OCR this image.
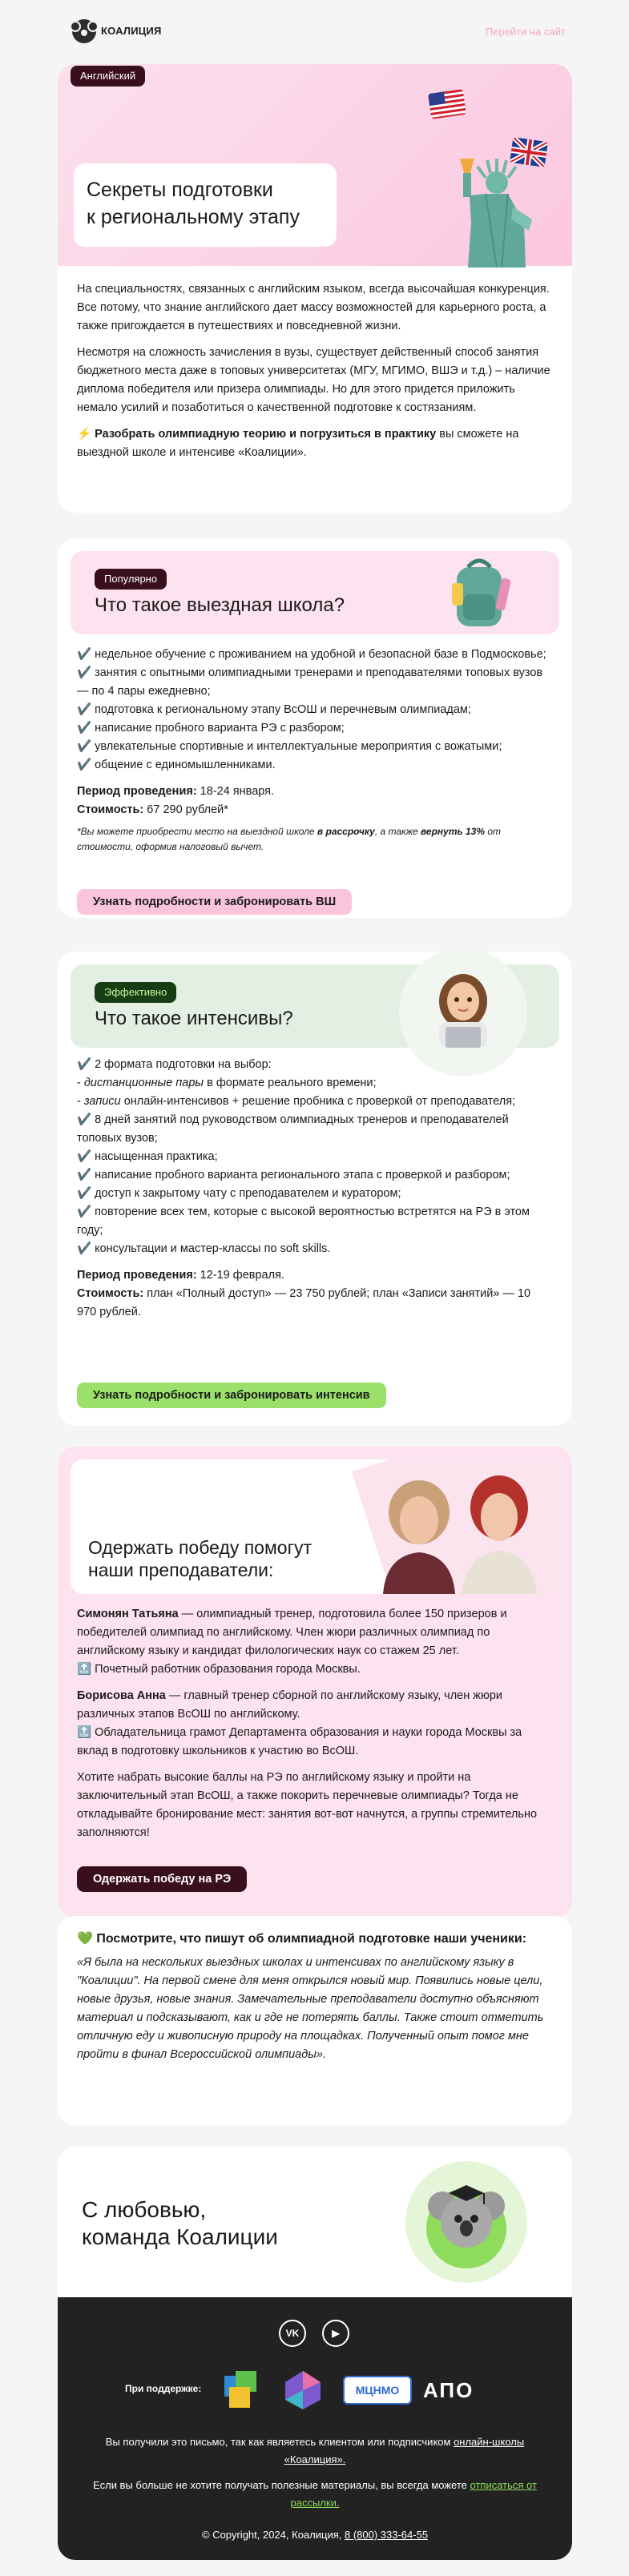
КОАЛИЦИЯ	Перейти на сайт
Английский
Секреты подготовки
к региональному этапу

На специальностях, связанных с английским языком, всегда высочайшая конкуренция. Все потому, что знание английского дает массу возможностей для карьерного роста, а также пригождается в путешествиях и повседневной жизни.

Несмотря на сложность зачисления в вузы, существует действенный способ занятия бюджетного места даже в топовых университетах (МГУ, МГИМО, ВШЭ и т.д.) – наличие диплома победителя или призера олимпиады. Но для этого придется приложить немало усилий и позаботиться о качественной подготовке к состязаниям.

⚡ Разобрать олимпиадную теорию и погрузиться в практику вы сможете на выездной школе и интенсиве «Коалиции».

Популярно
Что такое выездная школа?
✔️ недельное обучение с проживанием на удобной и безопасной базе в Подмосковье;
✔️ занятия с опытными олимпиадными тренерами и преподавателями топовых вузов — по 4 пары ежедневно;
✔️ подготовка к региональному этапу ВсОШ и перечневым олимпиадам;
✔️ написание пробного варианта РЭ с разбором;
✔️ увлекательные спортивные и интеллектуальные мероприятия с вожатыми;
✔️ общение с единомышленниками.
Период проведения: 18-24 января.
Стоимость: 67 290 рублей*
*Вы можете приобрести место на выездной школе в рассрочку, а также вернуть 13% от стоимости, оформив налоговый вычет.
Узнать подробности и забронировать ВШ
Эффективно
Что такое интенсивы?
✔️ 2 формата подготовки на выбор:
- дистанционные пары в формате реального времени;
- записи онлайн-интенсивов + решение пробника с проверкой от преподавателя;
✔️ 8 дней занятий под руководством олимпиадных тренеров и преподавателей топовых вузов;
✔️ насыщенная практика;
✔️ написание пробного варианта регионального этапа с проверкой и разбором;
✔️ доступ к закрытому чату с преподавателем и куратором;
✔️ повторение всех тем, которые с высокой вероятностью встретятся на РЭ в этом году;
✔️ консультации и мастер-классы по soft skills.
Период проведения: 12-19 февраля.
Стоимость: план «Полный доступ» — 23 750 рублей; план «Записи занятий» — 10 970 рублей.
Узнать подробности и забронировать интенсив
Одержать победу помогут
наши преподаватели:
Симонян Татьяна — олимпиадный тренер, подготовила более 150 призеров и победителей олимпиад по английскому. Член жюри различных олимпиад по английскому языку и кандидат филологических наук со стажем 25 лет.
🔝 Почетный работник образования города Москвы.
Борисова Анна — главный тренер сборной по английскому языку, член жюри различных этапов ВсОШ по английскому.
🔝 Обладательница грамот Департамента образования и науки города Москвы за вклад в подготовку школьников к участию во ВсОШ.
Хотите набрать высокие баллы на РЭ по английскому языку и пройти на заключительный этап ВсОШ, а также покорить перечневые олимпиады? Тогда не откладывайте бронирование мест: занятия вот-вот начнутся, а группы стремительно заполняются!
Одержать победу на РЭ
💚 Посмотрите, что пишут об олимпиадной подготовке наши ученики:
«Я была на нескольких выездных школах и интенсивах по английскому языку в "Коалиции". На первой смене для меня открылся новый мир. Появились новые цели, новые друзья, новые знания. Замечательные преподаватели доступно объясняют материал и подсказывают, как и где не потерять баллы. Также стоит отметить отличную еду и живописную природу на площадках. Полученный опыт помог мне пройти в финал Всероссийской олимпиады».
С любовью,
команда Коалиции
VK	▶
При поддержке:	МЦНМО	АПО
Вы получили это письмо, так как являетесь клиентом или подписчиком онлайн-школы «Коалиция».
Если вы больше не хотите получать полезные материалы, вы всегда можете отписаться от рассылки.
© Copyright, 2024, Коалиция, 8 (800) 333-64-55
